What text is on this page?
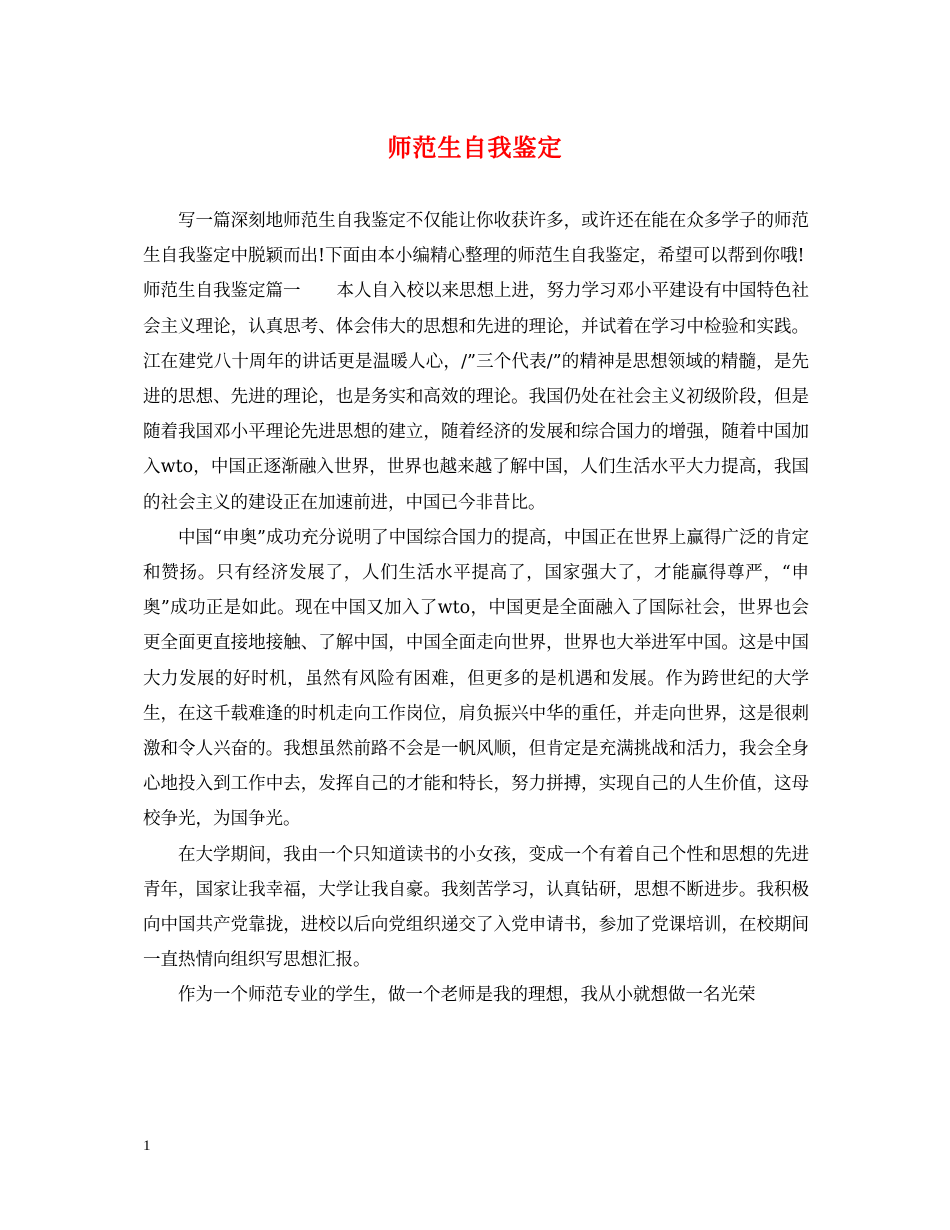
师范生自我鉴定

写一篇深刻地师范生自我鉴定不仅能让你收获许多，或许还在能在众多学子的师范生自我鉴定中脱颖而出!下面由本小编精心整理的师范生自我鉴定，希望可以帮到你哦!

师范生自我鉴定篇一 本人自入校以来思想上进，努力学习邓小平建设有中国特色社会主义理论，认真思考、体会伟大的思想和先进的理论，并试着在学习中检验和实践。江在建党八十周年的讲话更是温暖人心，/”三个代表/”的精神是思想领域的精髓，是先进的思想、先进的理论，也是务实和高效的理论。我国仍处在社会主义初级阶段，但是随着我国邓小平理论先进思想的建立，随着经济的发展和综合国力的增强，随着中国加入wto，中国正逐渐融入世界，世界也越来越了解中国，人们生活水平大力提高，我国的社会主义的建设正在加速前进，中国已今非昔比。

中国“申奥”成功充分说明了中国综合国力的提高，中国正在世界上赢得广泛的肯定和赞扬。只有经济发展了，人们生活水平提高了，国家强大了，才能赢得尊严，“申奥”成功正是如此。现在中国又加入了wto，中国更是全面融入了国际社会，世界也会更全面更直接地接触、了解中国，中国全面走向世界，世界也大举进军中国。这是中国大力发展的好时机，虽然有风险有困难，但更多的是机遇和发展。作为跨世纪的大学生，在这千载难逢的时机走向工作岗位，肩负振兴中华的重任，并走向世界，这是很刺激和令人兴奋的。我想虽然前路不会是一帆风顺，但肯定是充满挑战和活力，我会全身心地投入到工作中去，发挥自己的才能和特长，努力拼搏，实现自己的人生价值，这母校争光，为国争光。

在大学期间，我由一个只知道读书的小女孩，变成一个有着自己个性和思想的先进青年，国家让我幸福，大学让我自豪。我刻苦学习，认真钻研，思想不断进步。我积极向中国共产党靠拢，进校以后向党组织递交了入党申请书，参加了党课培训，在校期间一直热情向组织写思想汇报。

作为一个师范专业的学生，做一个老师是我的理想，我从小就想做一名光荣

1
